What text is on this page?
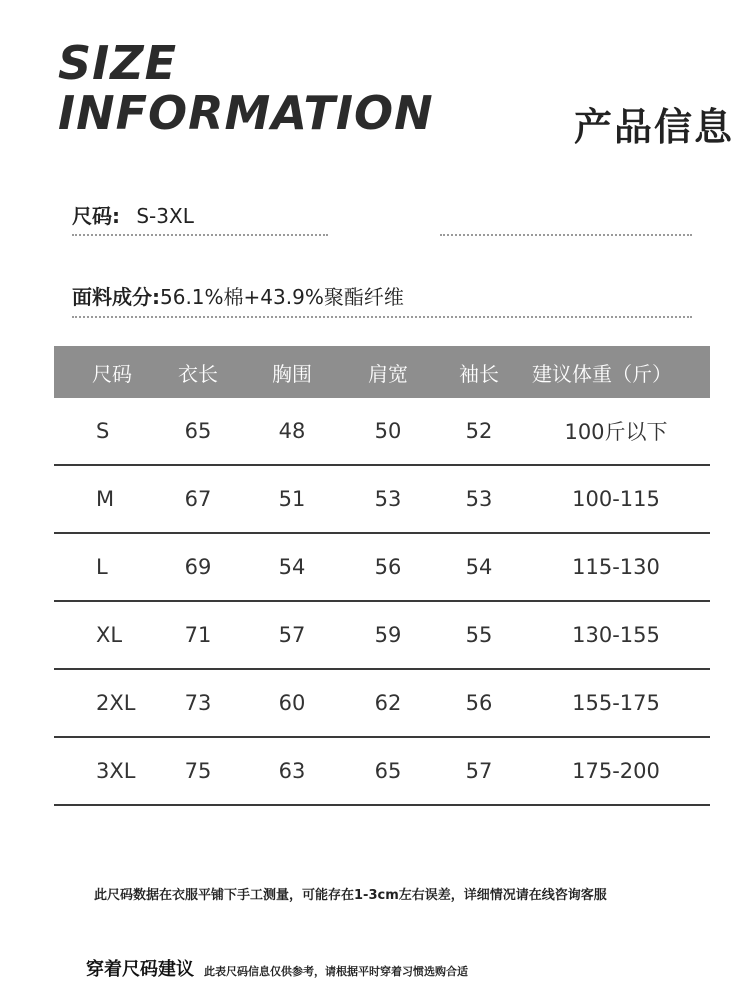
SIZE
INFORMATION	产品信息
尺码: S-3XL
面料成分:56.1%棉+43.9%聚酯纤维
尺码	衣长	胸围	肩宽	袖长	建议体重（斤）
S	65	48	50	52	100斤以下
M	67	51	53	53	100-115
L	69	54	56	54	115-130
XL	71	57	59	55	130-155
2XL	73	60	62	56	155-175
3XL	75	63	65	57	175-200
此尺码数据在衣服平铺下手工测量，可能存在1-3cm左右误差，详细情况请在线咨询客服
穿着尺码建议 此表尺码信息仅供参考，请根据平时穿着习惯选购合适
